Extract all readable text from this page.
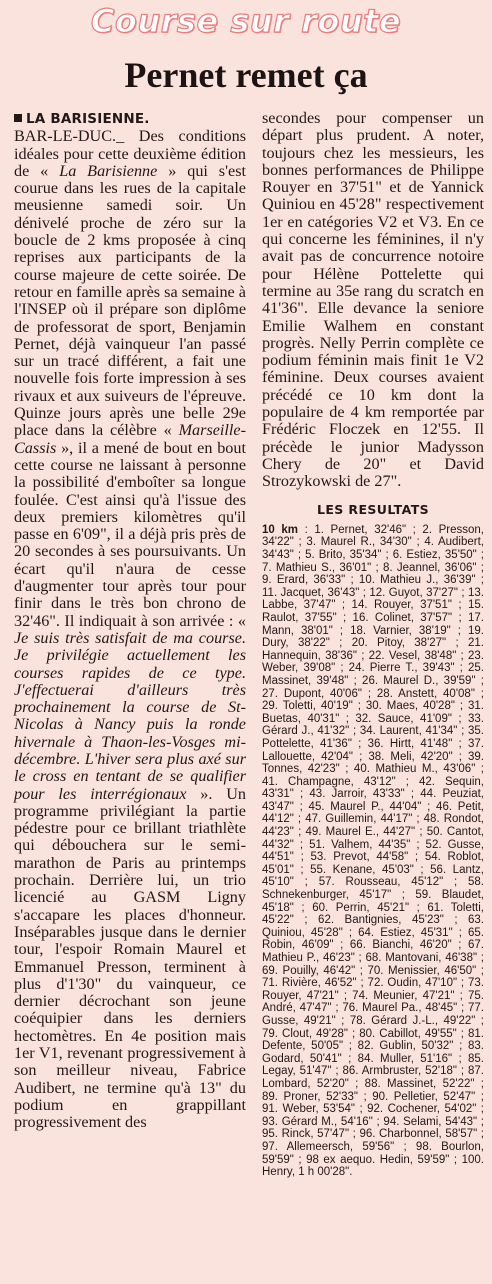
Course sur route
Pernet remet ça
LA BARISIENNE.

BAR-LE-DUC._ Des conditions idéales pour cette deuxième édition de « La Barisienne » qui s'est courue dans les rues de la capitale meusienne samedi soir. Un dénivelé proche de zéro sur la boucle de 2 kms proposée à cinq reprises aux participants de la course majeure de cette soirée. De retour en famille après sa semaine à l'INSEP où il prépare son diplôme de professorat de sport, Benjamin Pernet, déjà vainqueur l'an passé sur un tracé différent, a fait une nouvelle fois forte impression à ses rivaux et aux suiveurs de l'épreuve. Quinze jours après une belle 29e place dans la célèbre « Marseille-Cassis », il a mené de bout en bout cette course ne laissant à personne la possibilité d'emboîter sa longue foulée. C'est ainsi qu'à l'issue des deux premiers kilomètres qu'il passe en 6'09", il a déjà pris près de 20 secondes à ses poursuivants. Un écart qu'il n'aura de cesse d'augmenter tour après tour pour finir dans le très bon chrono de 32'46". Il indiquait à son arrivée : « Je suis très satisfait de ma course. Je privilégie actuellement les courses rapides de ce type. J'effectuerai d'ailleurs très prochainement la course de St-Nicolas à Nancy puis la ronde hivernale à Thaon-les-Vosges mi-décembre. L'hiver sera plus axé sur le cross en tentant de se qualifier pour les interrégionaux ». Un programme privilégiant la partie pédestre pour ce brillant triathlète qui débouchera sur le semi-marathon de Paris au printemps prochain. Derrière lui, un trio licencié au GASM Ligny s'accapare les places d'honneur. Inséparables jusque dans le dernier tour, l'espoir Romain Maurel et Emmanuel Presson, terminent à plus d'1'30" du vainqueur, ce dernier décrochant son jeune coéquipier dans les derniers hectomètres. En 4e position mais 1er V1, revenant progressivement à son meilleur niveau, Fabrice Audibert, ne termine qu'à 13" du podium en grappillant progressivement des

secondes pour compenser un départ plus prudent. A noter, toujours chez les messieurs, les bonnes performances de Philippe Rouyer en 37'51" et de Yannick Quiniou en 45'28" respectivement 1er en catégories V2 et V3. En ce qui concerne les féminines, il n'y avait pas de concurrence notoire pour Hélène Pottelette qui termine au 35e rang du scratch en 41'36". Elle devance la seniore Emilie Walhem en constant progrès. Nelly Perrin complète ce podium féminin mais finit 1e V2 féminine. Deux courses avaient précédé ce 10 km dont la populaire de 4 km remportée par Frédéric Floczek en 12'55. Il précède le junior Madysson Chery de 20" et David Strozykowski de 27".

LES RESULTATS
10 km : 1. Pernet, 32'46" ; 2. Presson, 34'22" ; 3. Maurel R., 34'30" ; 4. Audibert, 34'43" ; 5. Brito, 35'34" ; 6. Estiez, 35'50" ; 7. Mathieu S., 36'01" ; 8. Jeannel, 36'06" ; 9. Erard, 36'33" ; 10. Mathieu J., 36'39" ; 11. Jacquet, 36'43" ; 12. Guyot, 37'27" ; 13. Labbe, 37'47" ; 14. Rouyer, 37'51" ; 15. Raulot, 37'55" ; 16. Colinet, 37'57" ; 17. Mann, 38'01" ; 18. Varnier, 38'19" ; 19. Dury, 38'22" ; 20. Pitoy, 38'27" ; 21. Hannequin, 38'36" ; 22. Vesel, 38'48" ; 23. Weber, 39'08" ; 24. Pierre T., 39'43" ; 25. Massinet, 39'48" ; 26. Maurel D., 39'59" ; 27. Dupont, 40'06" ; 28. Anstett, 40'08" ; 29. Toletti, 40'19" ; 30. Maes, 40'28" ; 31. Buetas, 40'31" ; 32. Sauce, 41'09" ; 33. Gérard J., 41'32" ; 34. Laurent, 41'34" ; 35. Pottelette, 41'36" ; 36. Hirtt, 41'48" ; 37. Lallouette, 42'04" ; 38. Meli, 42'20" ; 39. Tonnes, 42'23" ; 40. Mathieu M., 43'06" ; 41. Champagne, 43'12" ; 42. Sequin, 43'31" ; 43. Jarroir, 43'33" ; 44. Peuziat, 43'47" ; 45. Maurel P., 44'04" ; 46. Petit, 44'12" ; 47. Guillemin, 44'17" ; 48. Rondot, 44'23" ; 49. Maurel E., 44'27" ; 50. Cantot, 44'32" ; 51. Valhem, 44'35" ; 52. Gusse, 44'51" ; 53. Prevot, 44'58" ; 54. Roblot, 45'01" ; 55. Kenane, 45'03" ; 56. Lantz, 45'10" ; 57. Rousseau, 45'12" ; 58. Schnekenburger, 45'17" ; 59. Blaudet, 45'18" ; 60. Perrin, 45'21" ; 61. Toletti, 45'22" ; 62. Bantignies, 45'23" ; 63. Quiniou, 45'28" ; 64. Estiez, 45'31" ; 65. Robin, 46'09" ; 66. Bianchi, 46'20" ; 67. Mathieu P., 46'23" ; 68. Mantovani, 46'38" ; 69. Pouilly, 46'42" ; 70. Menissier, 46'50" ; 71. Rivière, 46'52" ; 72. Oudin, 47'10" ; 73. Rouyer, 47'21" ; 74. Meunier, 47'21" ; 75. André, 47'47" ; 76. Maurel Pa., 48'45" ; 77. Gusse, 49'21" ; 78. Gérard J.-L., 49'22" ; 79. Clout, 49'28" ; 80. Cabillot, 49'55" ; 81. Defente, 50'05" ; 82. Gublin, 50'32" ; 83. Godard, 50'41" ; 84. Muller, 51'16" ; 85. Legay, 51'47" ; 86. Armbruster, 52'18" ; 87. Lombard, 52'20" ; 88. Massinet, 52'22" ; 89. Proner, 52'33" ; 90. Pelletier, 52'47" ; 91. Weber, 53'54" ; 92. Cochener, 54'02" ; 93. Gérard M., 54'16" ; 94. Selami, 54'43" ; 95. Rinck, 57'47" ; 96. Charbonnel, 58'57" ; 97. Allemeersch, 59'56" ; 98. Bourlon, 59'59" ; 98 ex aequo. Hedin, 59'59" ; 100. Henry, 1 h 00'28".
